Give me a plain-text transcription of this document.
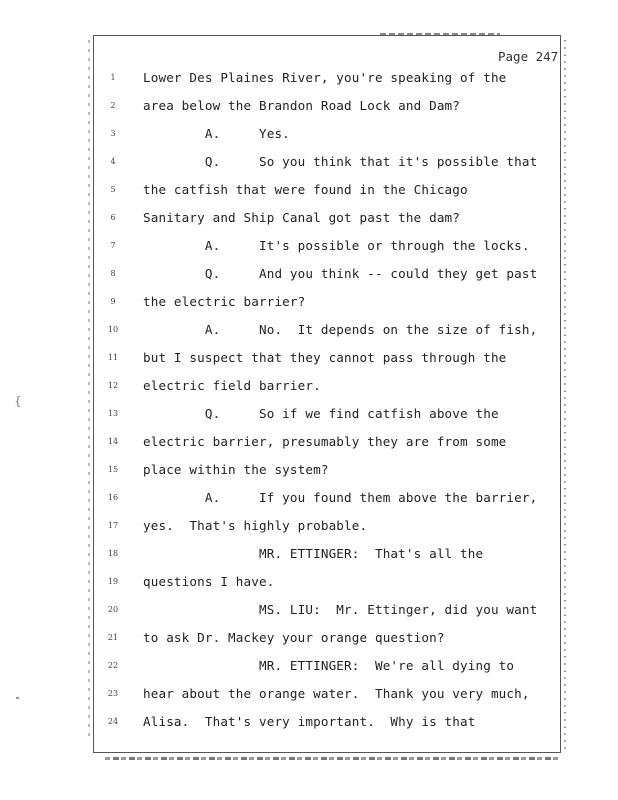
{
Page 247
1	Lower Des Plaines River, you're speaking of the
2	area below the Brandon Road Lock and Dam?
3	A.     Yes.
4	Q.     So you think that it's possible that
5	the catfish that were found in the Chicago
6	Sanitary and Ship Canal got past the dam?
7	A.     It's possible or through the locks.
8	Q.     And you think -- could they get past
9	the electric barrier?
10	A.     No.  It depends on the size of fish,
11	but I suspect that they cannot pass through the
12	electric field barrier.
13	Q.     So if we find catfish above the
14	electric barrier, presumably they are from some
15	place within the system?
16	A.     If you found them above the barrier,
17	yes.  That's highly probable.
18	MR. ETTINGER:  That's all the
19	questions I have.
20	MS. LIU:  Mr. Ettinger, did you want
21	to ask Dr. Mackey your orange question?
22	MR. ETTINGER:  We're all dying to
23	hear about the orange water.  Thank you very much,
24	Alisa.  That's very important.  Why is that
